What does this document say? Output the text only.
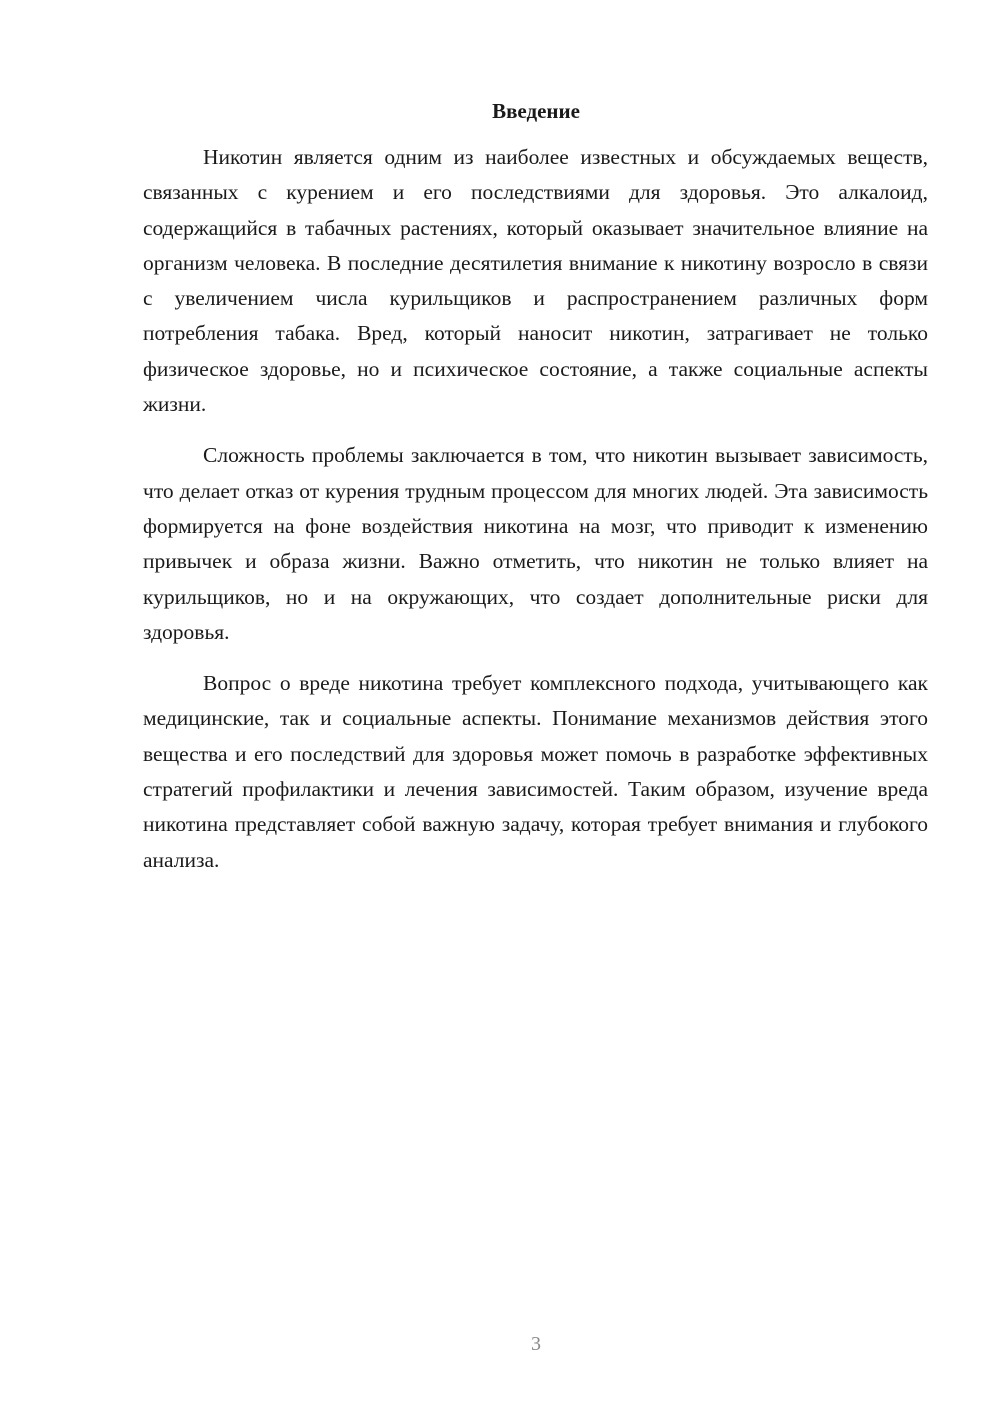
Введение

Никотин является одним из наиболее известных и обсуждаемых веществ, связанных с курением и его последствиями для здоровья. Это алкалоид, содержащийся в табачных растениях, который оказывает значительное влияние на организм человека. В последние десятилетия внимание к никотину возросло в связи с увеличением числа курильщиков и распространением различных форм потребления табака. Вред, который наносит никотин, затрагивает не только физическое здоровье, но и психическое состояние, а также социальные аспекты жизни.

Сложность проблемы заключается в том, что никотин вызывает зависимость, что делает отказ от курения трудным процессом для многих людей. Эта зависимость формируется на фоне воздействия никотина на мозг, что приводит к изменению привычек и образа жизни. Важно отметить, что никотин не только влияет на курильщиков, но и на окружающих, что создает дополнительные риски для здоровья.

Вопрос о вреде никотина требует комплексного подхода, учитывающего как медицинские, так и социальные аспекты. Понимание механизмов действия этого вещества и его последствий для здоровья может помочь в разработке эффективных стратегий профилактики и лечения зависимостей. Таким образом, изучение вреда никотина представляет собой важную задачу, которая требует внимания и глубокого анализа.

3
